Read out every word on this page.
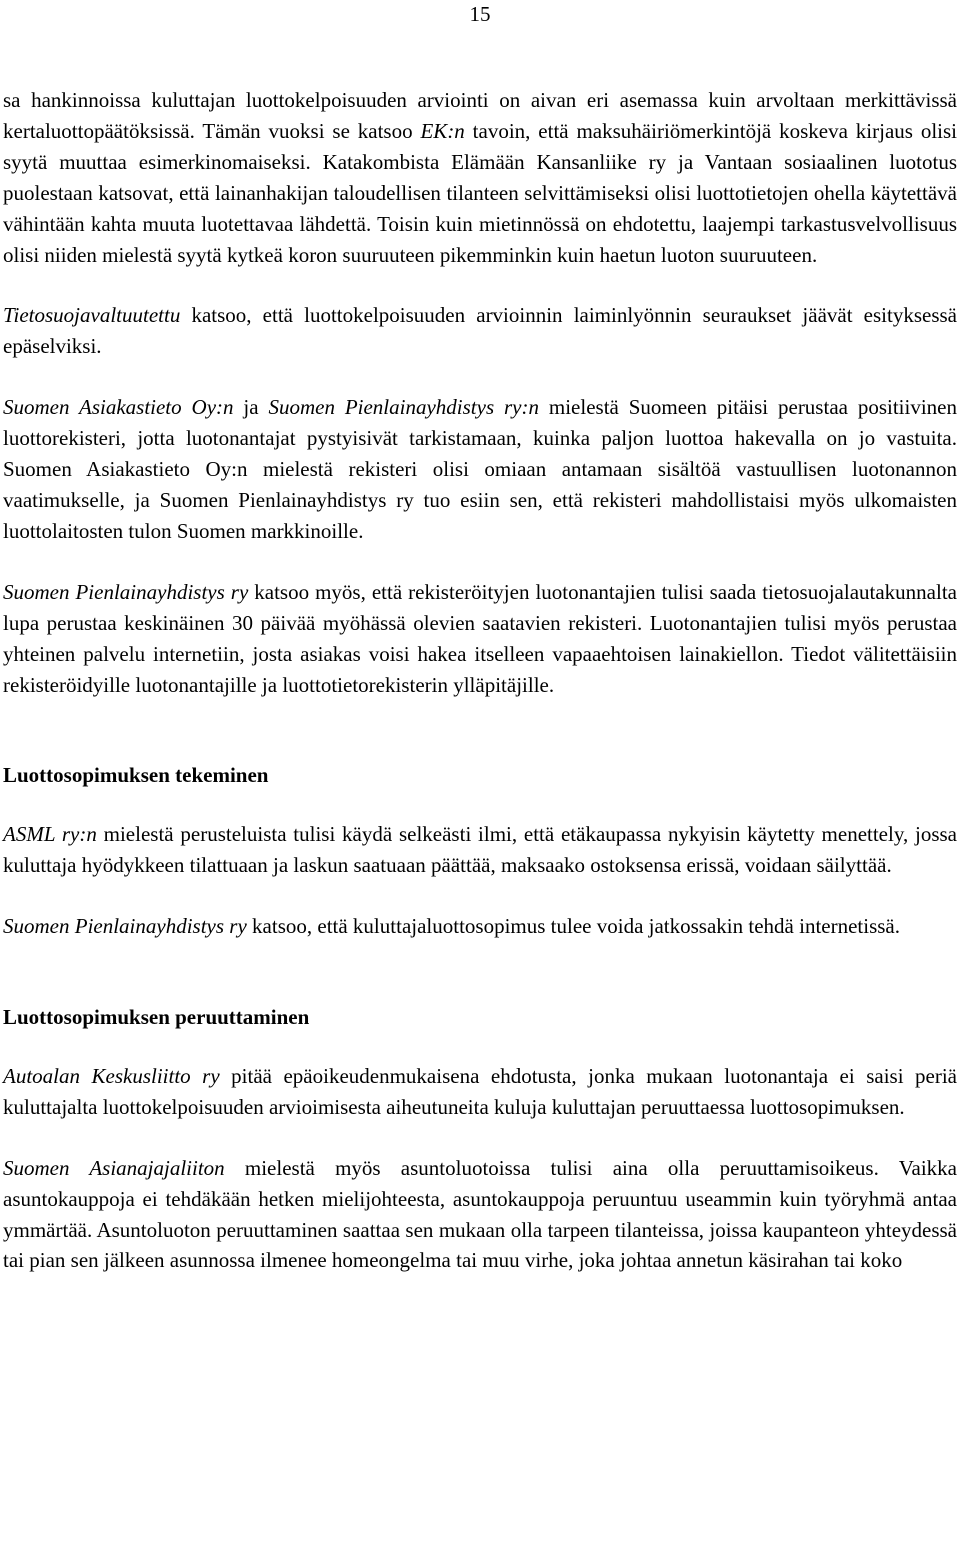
15

sa hankinnoissa kuluttajan luottokelpoisuuden arviointi on aivan eri asemassa kuin arvoltaan merkittävissä kertaluottopäätöksissä. Tämän vuoksi se katsoo EK:n tavoin, että maksuhäiriömerkintöjä koskeva kirjaus olisi syytä muuttaa esimerkinomaiseksi. Katakombista Elämään Kansanliike ry ja Vantaan sosiaalinen luototus puolestaan katsovat, että lainanhakijan taloudellisen tilanteen selvittämiseksi olisi luottotietojen ohella käytettävä vähintään kahta muuta luotettavaa lähdettä. Toisin kuin mietinnössä on ehdotettu, laajempi tarkastusvelvollisuus olisi niiden mielestä syytä kytkeä koron suuruuteen pikemminkin kuin haetun luoton suuruuteen.

Tietosuojavaltuutettu katsoo, että luottokelpoisuuden arvioinnin laiminlyönnin seuraukset jäävät esityksessä epäselviksi.

Suomen Asiakastieto Oy:n ja Suomen Pienlainayhdistys ry:n mielestä Suomeen pitäisi perustaa positiivinen luottorekisteri, jotta luotonantajat pystyisivät tarkistamaan, kuinka paljon luottoa hakevalla on jo vastuita. Suomen Asiakastieto Oy:n mielestä rekisteri olisi omiaan antamaan sisältöä vastuullisen luotonannon vaatimukselle, ja Suomen Pienlainayhdistys ry tuo esiin sen, että rekisteri mahdollistaisi myös ulkomaisten luottolaitosten tulon Suomen markkinoille.

Suomen Pienlainayhdistys ry katsoo myös, että rekisteröityjen luotonantajien tulisi saada tietosuojalautakunnalta lupa perustaa keskinäinen 30 päivää myöhässä olevien saatavien rekisteri. Luotonantajien tulisi myös perustaa yhteinen palvelu internetiin, josta asiakas voisi hakea itselleen vapaaehtoisen lainakiellon. Tiedot välitettäisiin rekisteröidyille luotonantajille ja luottotietorekisterin ylläpitäjille.

Luottosopimuksen tekeminen

ASML ry:n mielestä perusteluista tulisi käydä selkeästi ilmi, että etäkaupassa nykyisin käytetty menettely, jossa kuluttaja hyödykkeen tilattuaan ja laskun saatuaan päättää, maksaako ostoksensa erissä, voidaan säilyttää.

Suomen Pienlainayhdistys ry katsoo, että kuluttajaluottosopimus tulee voida jatkossakin tehdä internetissä.

Luottosopimuksen peruuttaminen

Autoalan Keskusliitto ry pitää epäoikeudenmukaisena ehdotusta, jonka mukaan luotonantaja ei saisi periä kuluttajalta luottokelpoisuuden arvioimisesta aiheutuneita kuluja kuluttajan peruuttaessa luottosopimuksen.

Suomen Asianajajaliiton mielestä myös asuntoluotoissa tulisi aina olla peruuttamisoikeus. Vaikka asuntokauppoja ei tehdäkään hetken mielijohteesta, asuntokauppoja peruuntuu useammin kuin työryhmä antaa ymmärtää. Asuntoluoton peruuttaminen saattaa sen mukaan olla tarpeen tilanteissa, joissa kaupanteon yhteydessä tai pian sen jälkeen asunnossa ilmenee homeongelma tai muu virhe, joka johtaa annetun käsirahan tai koko
